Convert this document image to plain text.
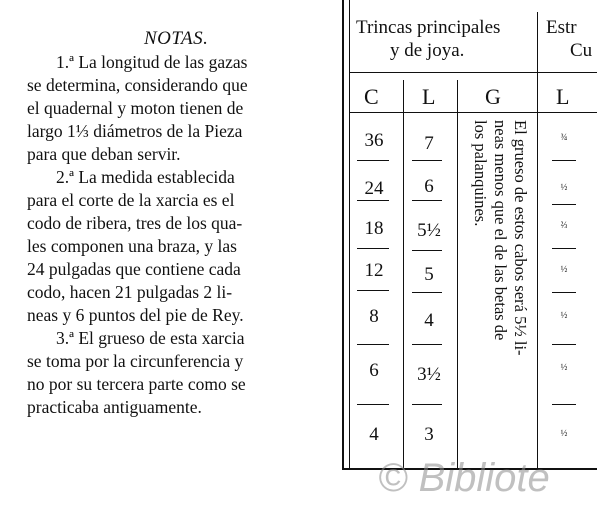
NOTAS.
1.ª La longitud de las gazas
se determina, considerando que
el quadernal y moton tienen de
largo 1⅓ diámetros de la Pieza
para que deban servir.
2.ª La medida establecida
para el corte de la xarcia es el
codo de ribera, tres de los qua-
les componen una braza, y las
24 pulgadas que contiene cada
codo, hacen 21 pulgadas 2 li-
neas y 6 puntos del pie de Rey.
3.ª El grueso de esta xarcia
se toma por la circunferencia y
no por su tercera parte como se
practicaba antiguamente.
Trincas principales
y de joya.
Estr
Cu
C L G	L
36
24
18
12
8
6
4
7
6
5½
5
4
3½
3
¾
½
⅔
½
½
½
½
El grueso de estos cabos será 5½ li-
neas menos que el de las betas de
los palanquines.
© Bibliote
